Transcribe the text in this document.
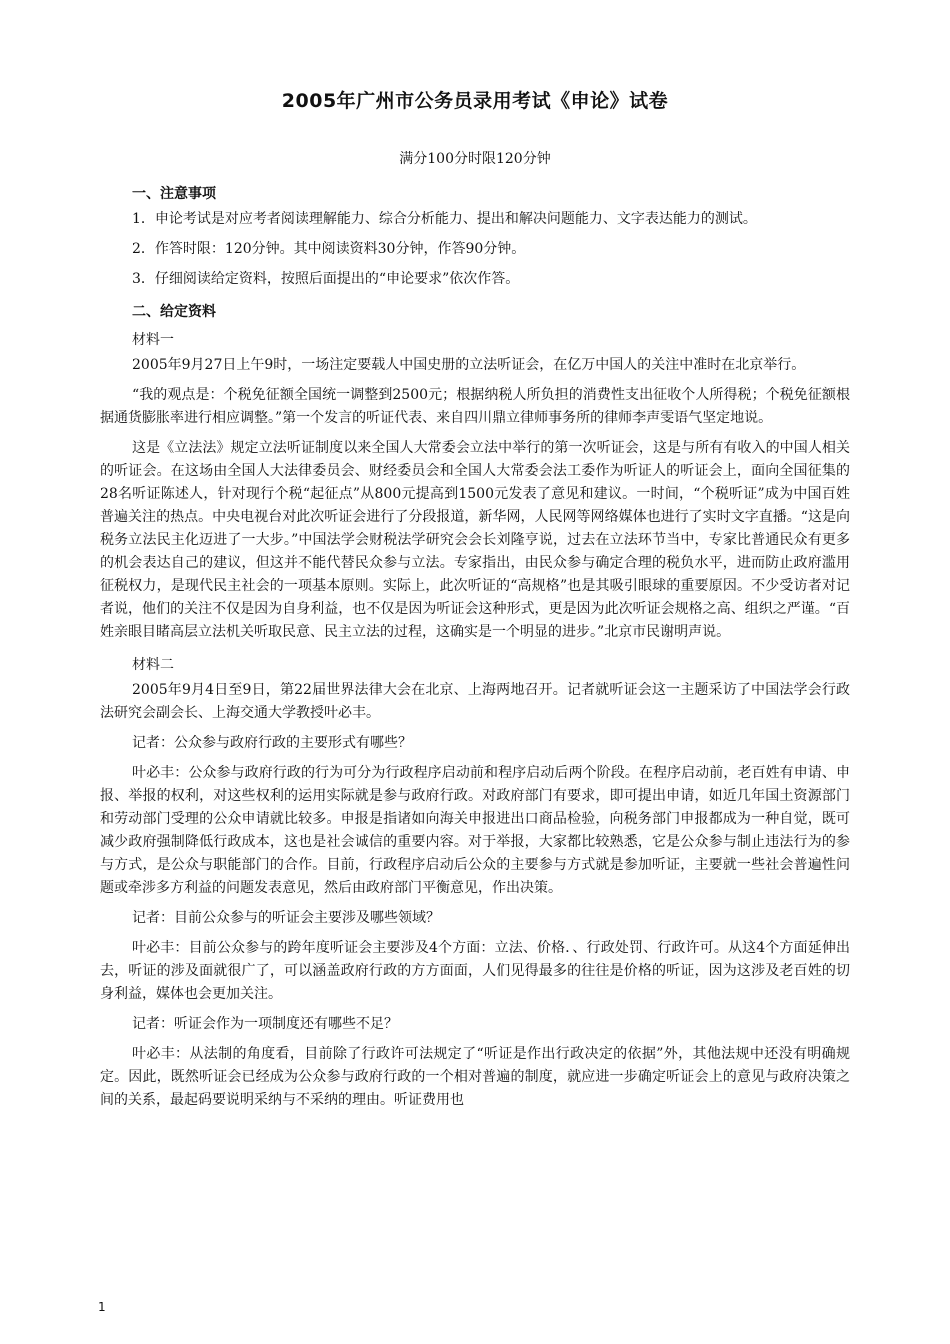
2005年广州市公务员录用考试《申论》试卷
满分100分时限120分钟
一、注意事项
1．申论考试是对应考者阅读理解能力、综合分析能力、提出和解决问题能力、文字表达能力的测试。
2．作答时限：120分钟。其中阅读资料30分钟，作答90分钟。
3．仔细阅读给定资料，按照后面提出的“申论要求”依次作答。
二、给定资料
材料一
2005年9月27日上午9时，一场注定要载人中国史册的立法听证会，在亿万中国人的关注中准时在北京举行。
“我的观点是：个税免征额全国统一调整到2500元；根据纳税人所负担的消费性支出征收个人所得税；个税免征额根据通货膨胀率进行相应调整。”第一个发言的听证代表、来自四川鼎立律师事务所的律师李声雯语气坚定地说。
这是《立法法》规定立法听证制度以来全国人大常委会立法中举行的第一次听证会，这是与所有有收入的中国人相关的听证会。在这场由全国人大法律委员会、财经委员会和全国人大常委会法工委作为听证人的听证会上，面向全国征集的28名听证陈述人，针对现行个税“起征点”从800元提高到1500元发表了意见和建议。一时间，“个税听证”成为中国百姓普遍关注的热点。中央电视台对此次听证会进行了分段报道，新华网，人民网等网络媒体也进行了实时文字直播。“这是向税务立法民主化迈进了一大步。”中国法学会财税法学研究会会长刘隆亨说，过去在立法环节当中，专家比普通民众有更多的机会表达自己的建议，但这并不能代替民众参与立法。专家指出，由民众参与确定合理的税负水平，进而防止政府滥用征税权力，是现代民主社会的一项基本原则。实际上，此次听证的“高规格”也是其吸引眼球的重要原因。不少受访者对记者说，他们的关注不仅是因为自身利益，也不仅是因为听证会这种形式，更是因为此次听证会规格之高、组织之严谨。“百姓亲眼目睹高层立法机关听取民意、民主立法的过程，这确实是一个明显的进步。”北京市民谢明声说。
材料二
2005年9月4日至9日，第22届世界法律大会在北京、上海两地召开。记者就听证会这一主题采访了中国法学会行政法研究会副会长、上海交通大学教授叶必丰。
记者：公众参与政府行政的主要形式有哪些？
叶必丰：公众参与政府行政的行为可分为行政程序启动前和程序启动后两个阶段。在程序启动前，老百姓有申请、申报、举报的权利，对这些权利的运用实际就是参与政府行政。对政府部门有要求，即可提出申请，如近几年国土资源部门和劳动部门受理的公众申请就比较多。申报是指诸如向海关申报进出口商品检验，向税务部门申报都成为一种自觉，既可减少政府强制降低行政成本，这也是社会诚信的重要内容。对于举报，大家都比较熟悉，它是公众参与制止违法行为的参与方式，是公众与职能部门的合作。目前，行政程序启动后公众的主要参与方式就是参加听证，主要就一些社会普遍性问题或牵涉多方利益的问题发表意见，然后由政府部门平衡意见，作出决策。
记者：目前公众参与的听证会主要涉及哪些领域？
叶必丰：目前公众参与的跨年度听证会主要涉及4个方面：立法、价格．、行政处罚、行政许可。从这4个方面延伸出去，听证的涉及面就很广了，可以涵盖政府行政的方方面面，人们见得最多的往往是价格的听证，因为这涉及老百姓的切身利益，媒体也会更加关注。
记者：听证会作为一项制度还有哪些不足？
叶必丰：从法制的角度看，目前除了行政许可法规定了“听证是作出行政决定的依据”外，其他法规中还没有明确规定。因此，既然听证会已经成为公众参与政府行政的一个相对普遍的制度，就应进一步确定听证会上的意见与政府决策之间的关系，最起码要说明采纳与不采纳的理由。听证费用也
1
